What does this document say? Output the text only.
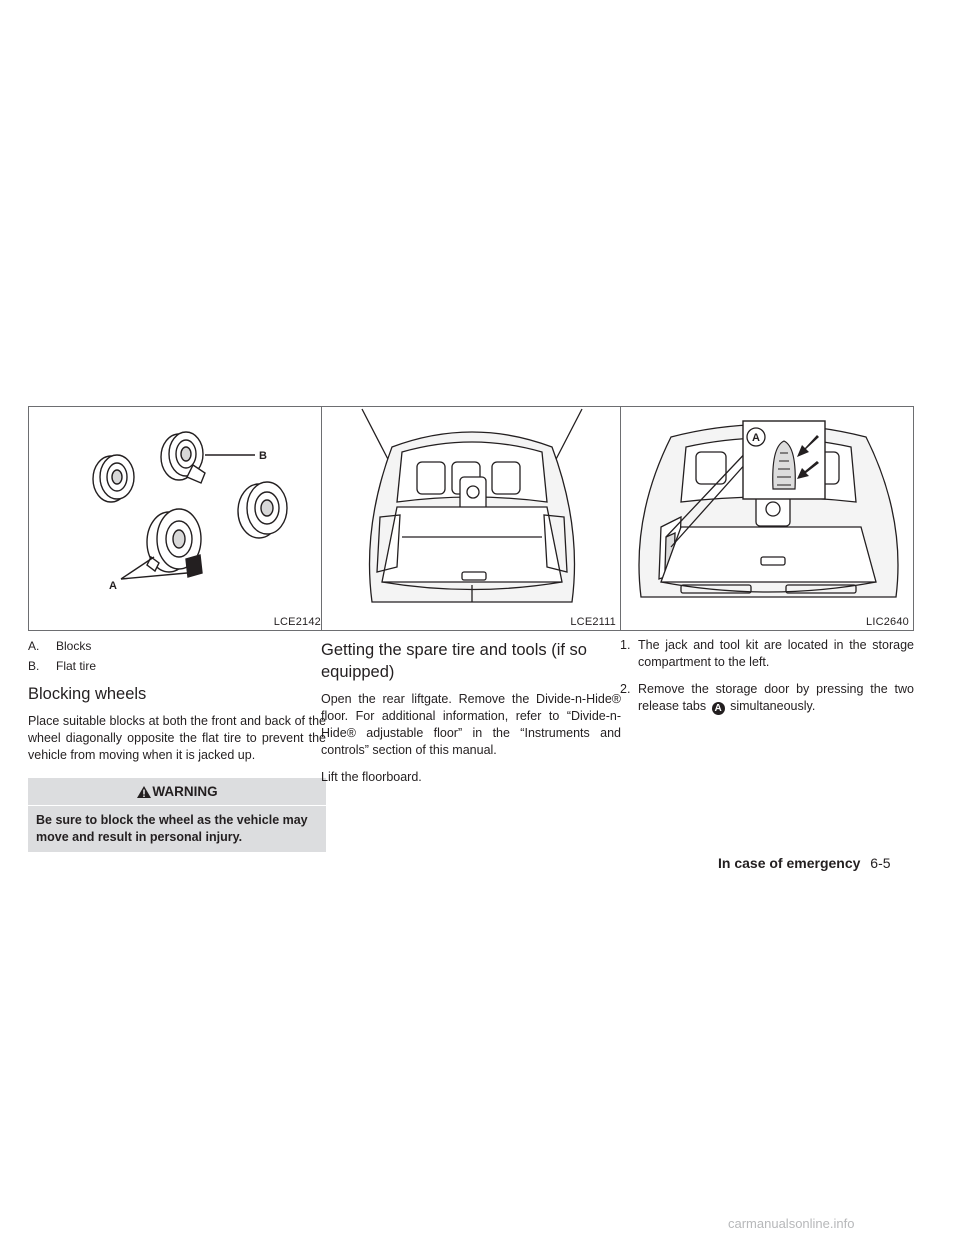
B
A
LCE2142
A.	Blocks
B.	Flat tire
Blocking wheels

Place suitable blocks at both the front and back of the wheel diagonally opposite the flat tire to prevent the vehicle from moving when it is jacked up.

WARNING
Be sure to block the wheel as the vehicle may move and result in personal injury.
LCE2111
Getting the spare tire and tools (if so equipped)

Open the rear liftgate. Remove the Divide-n-Hide® floor. For additional information, refer to “Divide-n-Hide® adjustable floor” in the “Instruments and controls” section of this manual.

Lift the floorboard.

A
LIC2640
1. The jack and tool kit are located in the storage compartment to the left.
2. Remove the storage door by pressing the two release tabs A simultaneously.
In case of emergency 6-5
carmanualsonline.info
